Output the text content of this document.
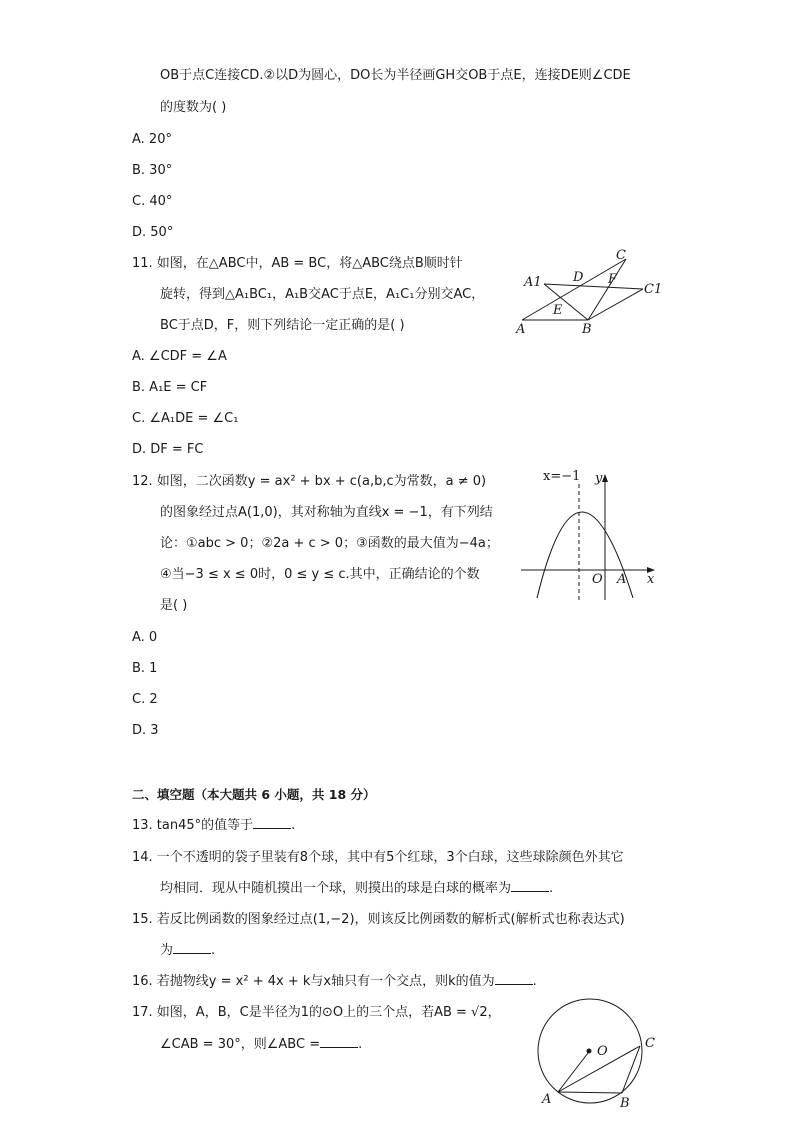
OB于点C连接CD.②以D为圆心，DO长为半径画GH交OB于点E，连接DE则∠CDE
的度数为( )
A. 20°
B. 30°
C. 40°
D. 50°
11. 如图，在△ABC中，AB = BC，将△ABC绕点B顺时针
旋转，得到△A₁BC₁，A₁B交AC于点E，A₁C₁分别交AC，
BC于点D，F，则下列结论一定正确的是( )
A. ∠CDF = ∠A
B. A₁E = CF
C. ∠A₁DE = ∠C₁
D. DF = FC
C
A1 D F
C1
E
A	B
12. 如图，二次函数y = ax² + bx + c(a,b,c为常数，a ≠ 0)
的图象经过点A(1,0)，其对称轴为直线x = −1，有下列结
论：①abc > 0；②2a + c > 0；③函数的最大值为−4a；
④当−3 ≤ x ≤ 0时，0 ≤ y ≤ c.其中，正确结论的个数
是( )
A. 0
B. 1
C. 2
D. 3
x=−1 y
O A x
二、填空题（本大题共 6 小题，共 18 分）
13. tan45°的值等于	.
14. 一个不透明的袋子里装有8个球，其中有5个红球，3个白球，这些球除颜色外其它
均相同．现从中随机摸出一个球，则摸出的球是白球的概率为	.
15. 若反比例函数的图象经过点(1,−2)，则该反比例函数的解析式(解析式也称表达式)
为	.
16. 若抛物线y = x² + 4x + k与x轴只有一个交点，则k的值为	.
17. 如图，A，B，C是半径为1的⊙O上的三个点，若AB = √2，
∠CAB = 30°，则∠ABC =	.	O
C
A	B
